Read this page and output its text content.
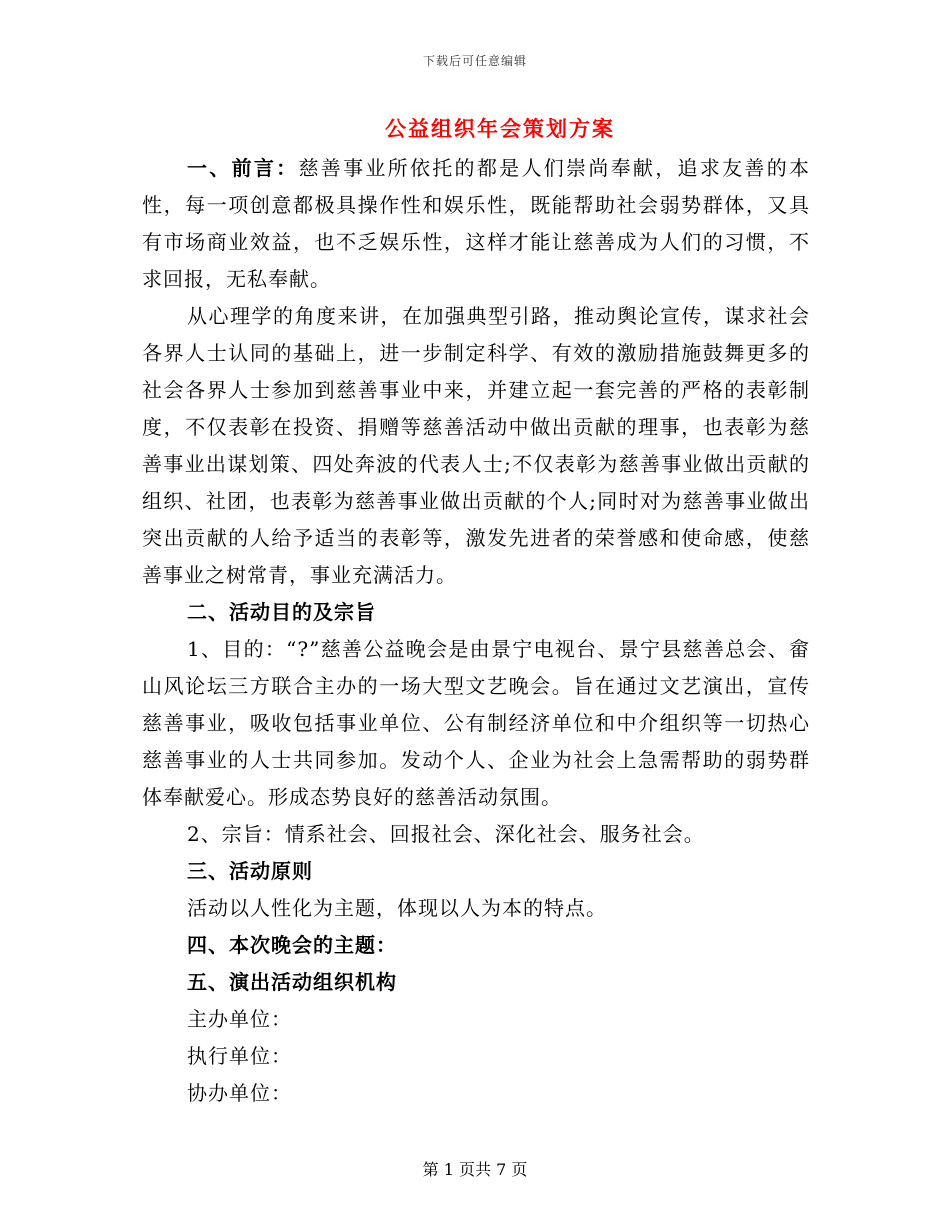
下载后可任意编辑
公益组织年会策划方案

一、前言：慈善事业所依托的都是人们崇尚奉献，追求友善的本性，每一项创意都极具操作性和娱乐性，既能帮助社会弱势群体，又具有市场商业效益，也不乏娱乐性，这样才能让慈善成为人们的习惯，不求回报，无私奉献。

从心理学的角度来讲，在加强典型引路，推动舆论宣传，谋求社会各界人士认同的基础上，进一步制定科学、有效的激励措施鼓舞更多的社会各界人士参加到慈善事业中来，并建立起一套完善的严格的表彰制度，不仅表彰在投资、捐赠等慈善活动中做出贡献的理事，也表彰为慈善事业出谋划策、四处奔波的代表人士;不仅表彰为慈善事业做出贡献的组织、社团，也表彰为慈善事业做出贡献的个人;同时对为慈善事业做出突出贡献的人给予适当的表彰等，激发先进者的荣誉感和使命感，使慈善事业之树常青，事业充满活力。

二、活动目的及宗旨

1、目的：“?”慈善公益晚会是由景宁电视台、景宁县慈善总会、畲山风论坛三方联合主办的一场大型文艺晚会。旨在通过文艺演出，宣传慈善事业，吸收包括事业单位、公有制经济单位和中介组织等一切热心慈善事业的人士共同参加。发动个人、企业为社会上急需帮助的弱势群体奉献爱心。形成态势良好的慈善活动氛围。

2、宗旨：情系社会、回报社会、深化社会、服务社会。

三、活动原则

活动以人性化为主题，体现以人为本的特点。

四、本次晚会的主题：

五、演出活动组织机构

主办单位：

执行单位：

协办单位：

第 1 页共 7 页
